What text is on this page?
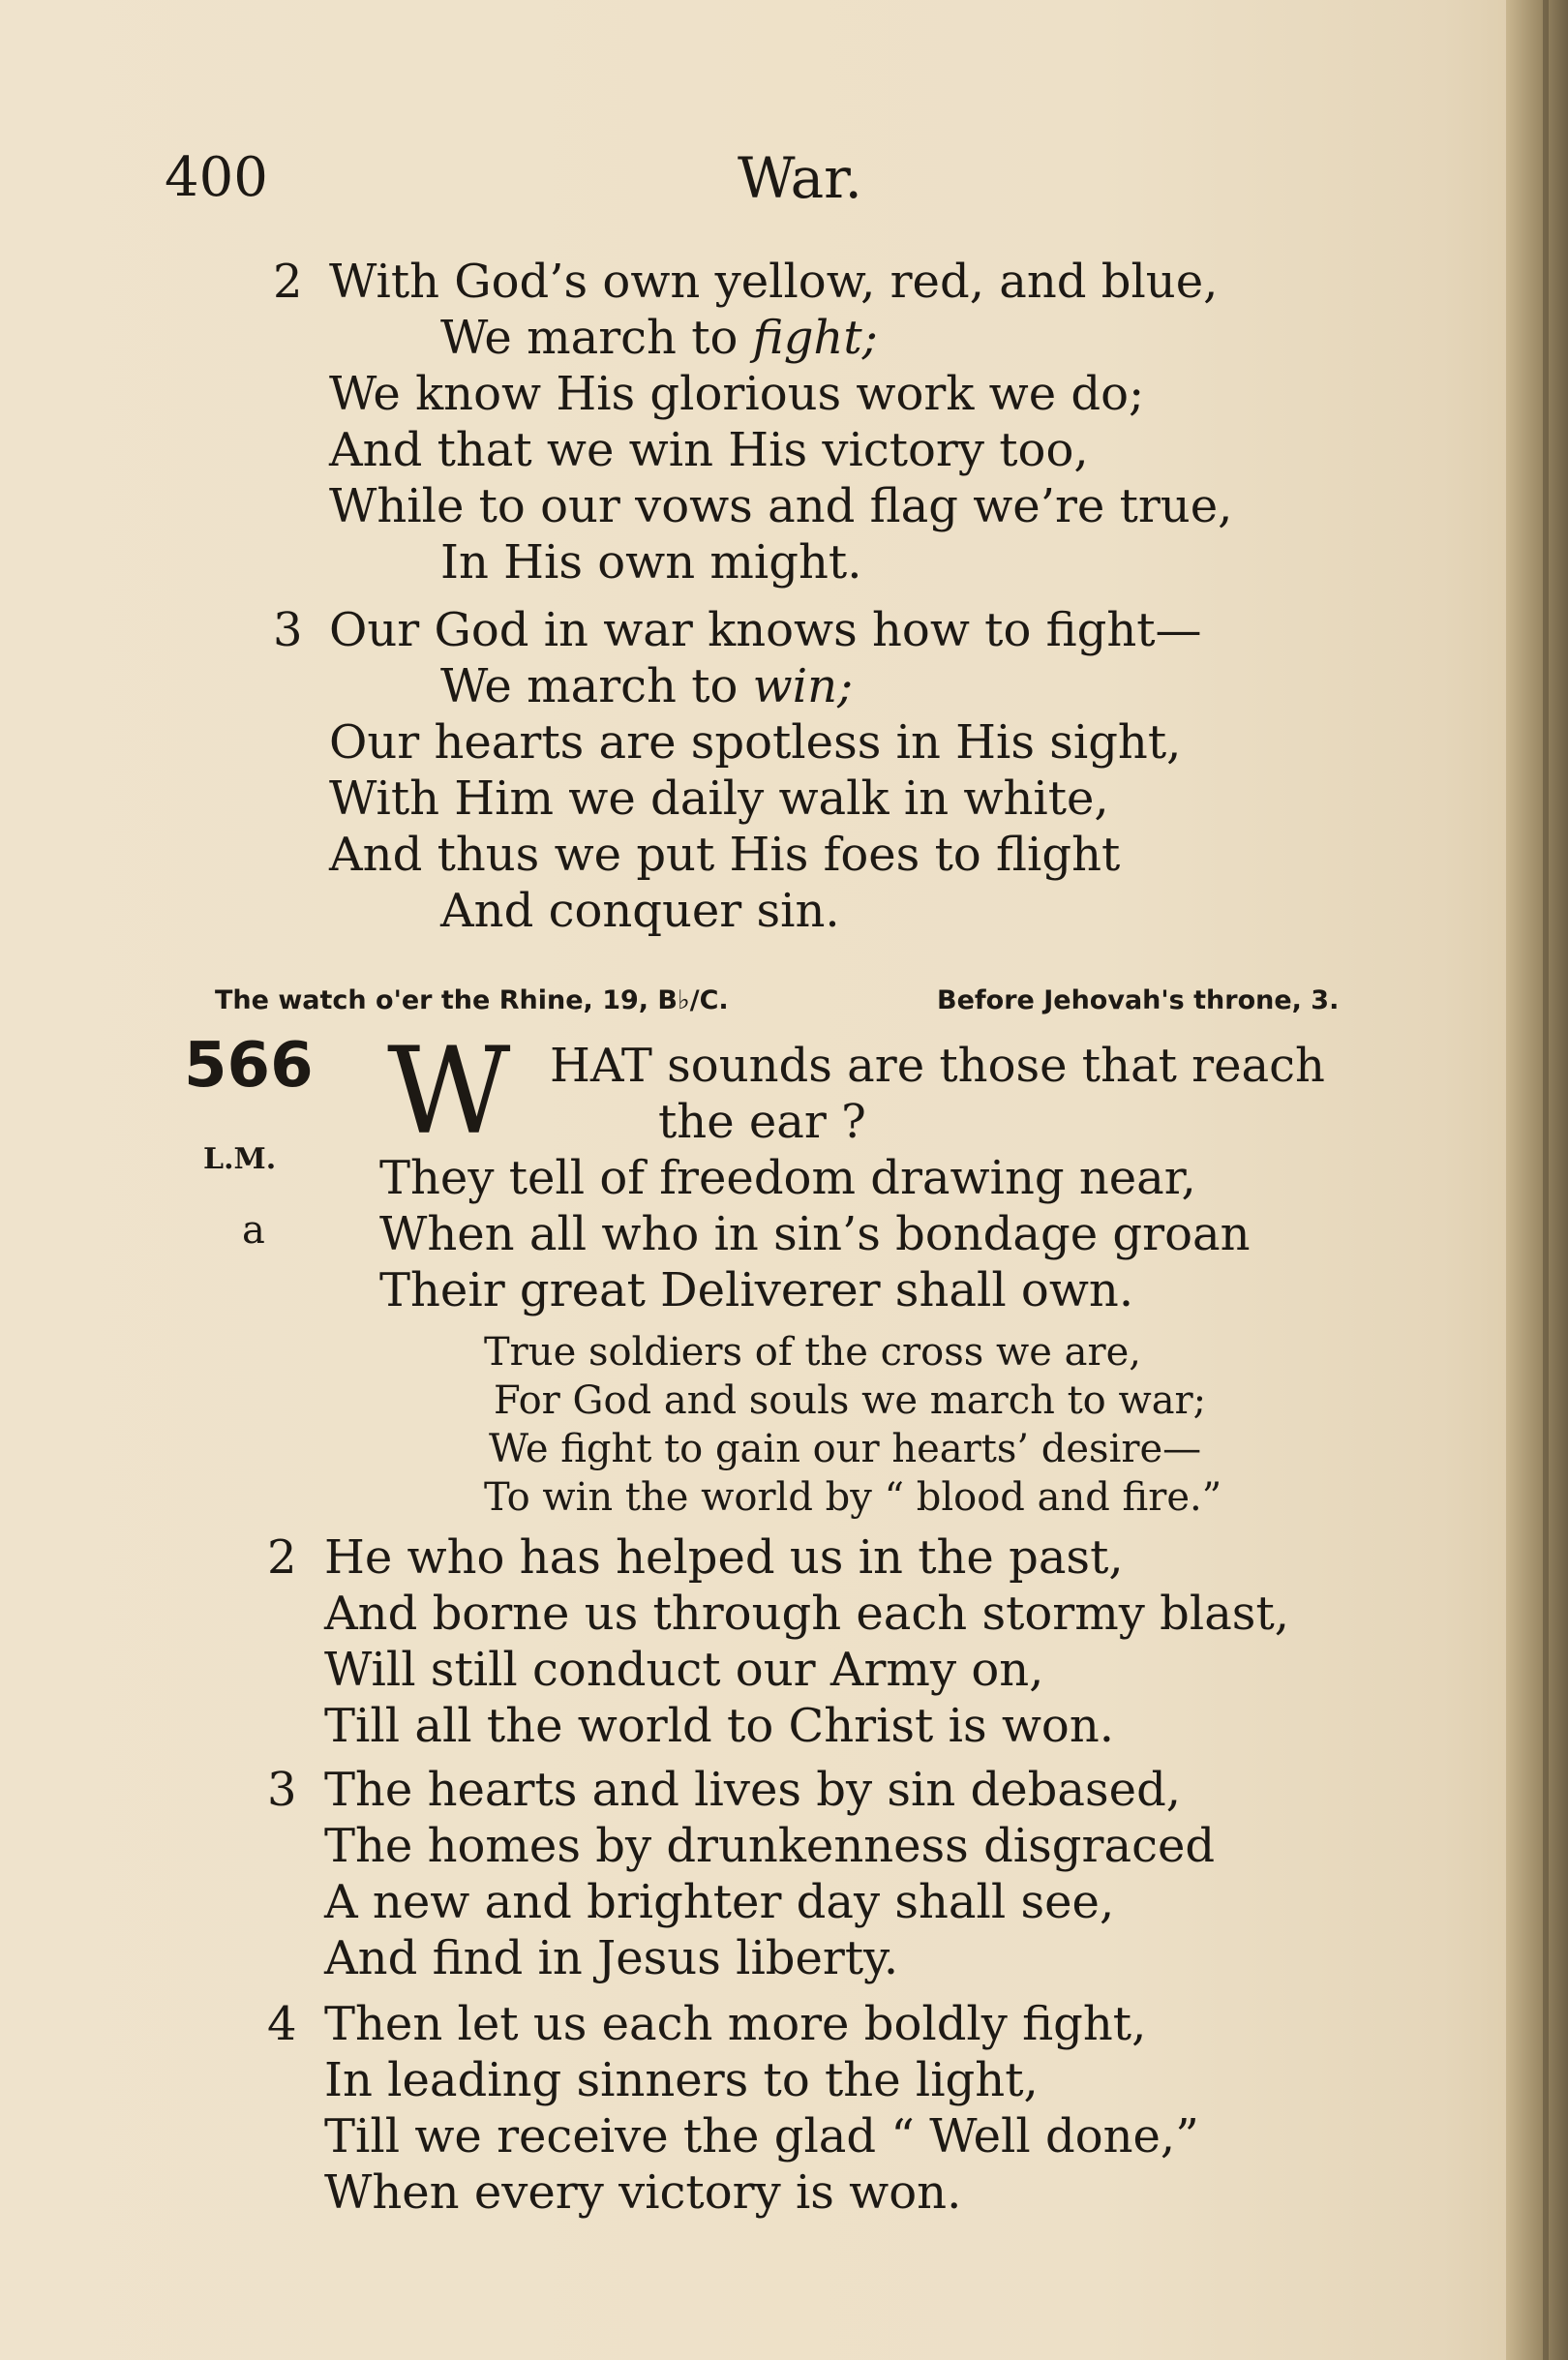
400	War.
2 With God’s own yellow, red, and blue,
We march to fight;
We know His glorious work we do;
And that we win His victory too,
While to our vows and flag we’re true,
In His own might.
3 Our God in war knows how to fight—
We march to win;
Our hearts are spotless in His sight,
With Him we daily walk in white,
And thus we put His foes to flight
And conquer sin.
The watch o'er the Rhine, 19, B♭/C.	Before Jehovah's throne, 3.
566
L.M.
a
W HAT sounds are those that reach
the ear ?
They tell of freedom drawing near,
When all who in sin’s bondage groan
Their great Deliverer shall own.
True soldiers of the cross we are,
For God and souls we march to war;
We fight to gain our hearts’ desire—
To win the world by “ blood and fire.”
2 He who has helped us in the past,
And borne us through each stormy blast,
Will still conduct our Army on,
Till all the world to Christ is won.
3 The hearts and lives by sin debased,
The homes by drunkenness disgraced
A new and brighter day shall see,
And find in Jesus liberty.
4 Then let us each more boldly fight,
In leading sinners to the light,
Till we receive the glad “ Well done,”
When every victory is won.
